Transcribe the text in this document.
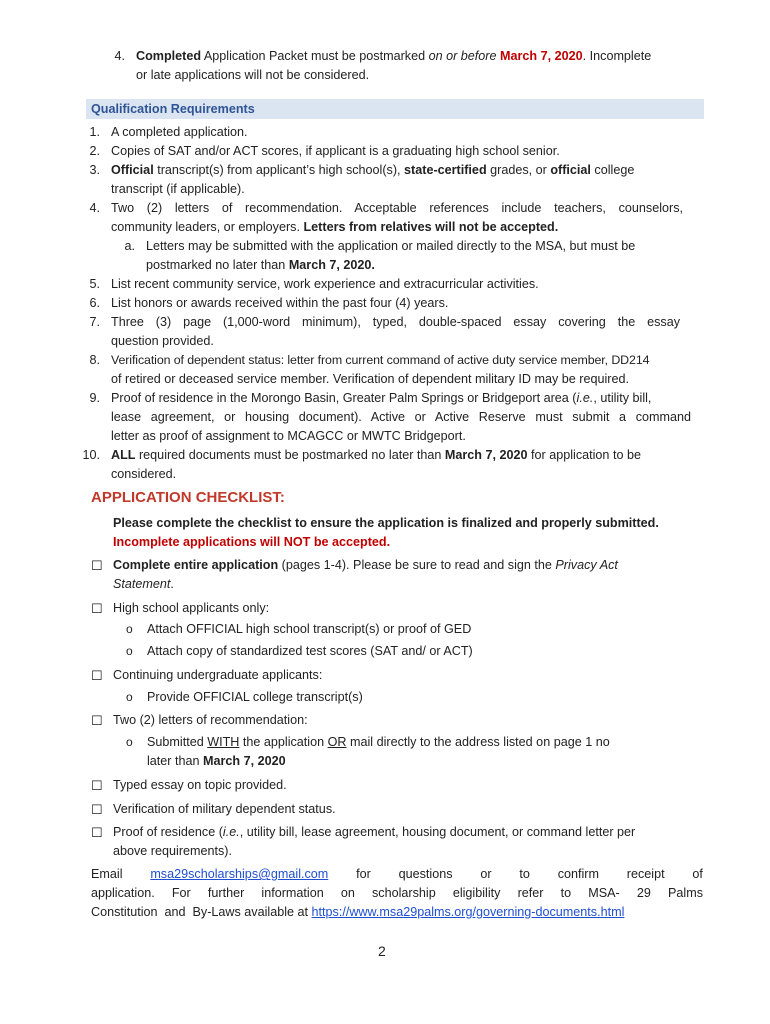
4. Completed Application Packet must be postmarked on or before March 7, 2020. Incomplete
or late applications will not be considered.
Qualification Requirements
1. A completed application.
2. Copies of SAT and/or ACT scores, if applicant is a graduating high school senior.
3. Official transcript(s) from applicant’s high school(s), state-certified grades, or official college
transcript (if applicable).
4. Two (2) letters of recommendation. Acceptable references include teachers, counselors,
community leaders, or employers. Letters from relatives will not be accepted.
a. Letters may be submitted with the application or mailed directly to the MSA, but must be
postmarked no later than March 7, 2020.
5. List recent community service, work experience and extracurricular activities.
6. List honors or awards received within the past four (4) years.
7. Three (3) page (1,000-word minimum), typed, double-spaced essay covering the essay
question provided.
8. Verification of dependent status: letter from current command of active duty service member, DD214
of retired or deceased service member. Verification of dependent military ID may be required.
9. Proof of residence in the Morongo Basin, Greater Palm Springs or Bridgeport area (i.e., utility bill,
lease agreement, or housing document). Active or Active Reserve must submit a command
letter as proof of assignment to MCAGCC or MWTC Bridgeport.
10. ALL required documents must be postmarked no later than March 7, 2020 for application to be
considered.
APPLICATION CHECKLIST:
Please complete the checklist to ensure the application is finalized and properly submitted.
Incomplete applications will NOT be accepted.
☐ Complete entire application (pages 1-4). Please be sure to read and sign the Privacy Act
Statement.
☐ High school applicants only:
o Attach OFFICIAL high school transcript(s) or proof of GED
o Attach copy of standardized test scores (SAT and/ or ACT)
☐ Continuing undergraduate applicants:
o Provide OFFICIAL college transcript(s)
☐ Two (2) letters of recommendation:
o Submitted WITH the application OR mail directly to the address listed on page 1 no
later than March 7, 2020
☐ Typed essay on topic provided.
☐ Verification of military dependent status.
☐ Proof of residence (i.e., utility bill, lease agreement, housing document, or command letter per
above requirements).
Email msa29scholarships@gmail.com for questions or to confirm receipt of
application.  For  further  information  on  scholarship  eligibility  refer  to  MSA-  29  Palms
Constitution  and  By-Laws available at https://www.msa29palms.org/governing-documents.html
2
